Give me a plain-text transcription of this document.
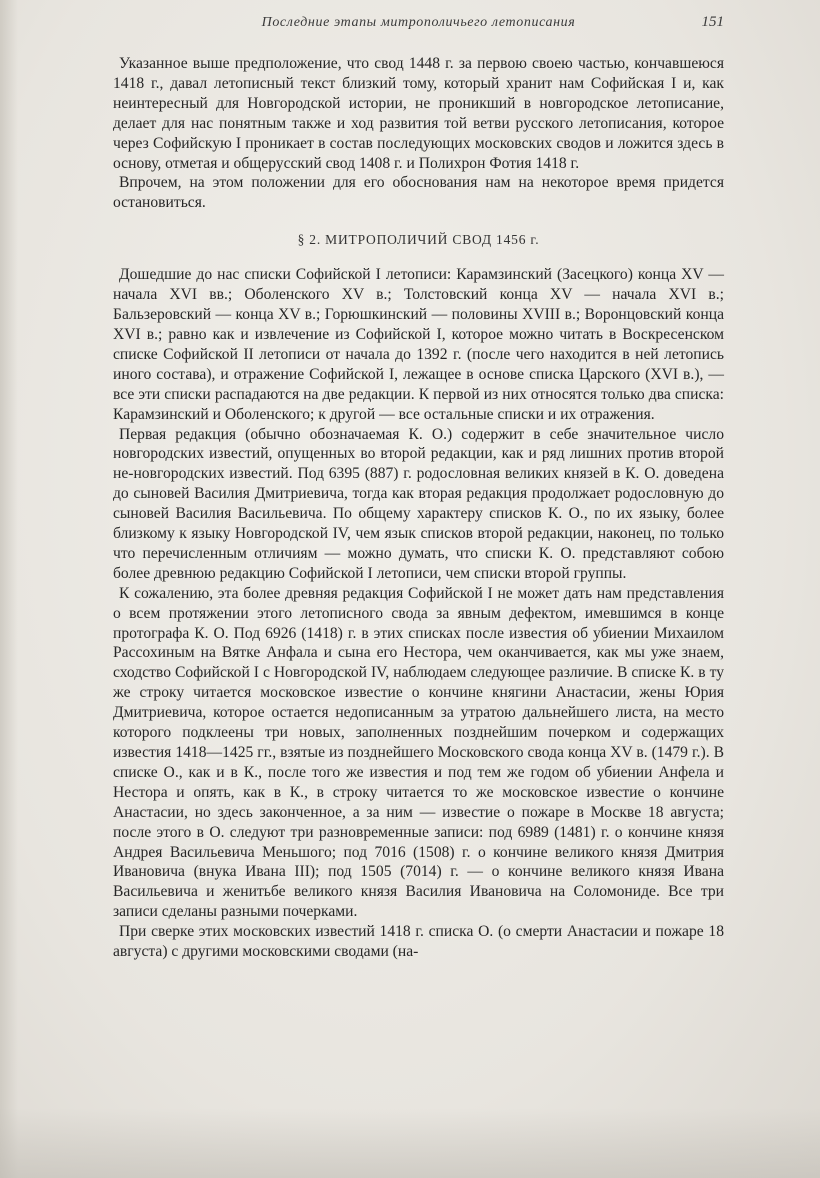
Последние этапы митрополичьего летописания	151

Указанное выше предположение, что свод 1448 г. за первою своею частью, кончавшеюся 1418 г., давал летописный текст близкий тому, который хранит нам Софийская I и, как неинтересный для Новгородской истории, не проникший в новгородское летописание, делает для нас понятным также и ход развития той ветви русского летописания, которое через Софийскую I проникает в состав последующих московских сводов и ложится здесь в основу, отметая и общерусский свод 1408 г. и Полихрон Фотия 1418 г.

Впрочем, на этом положении для его обоснования нам на некоторое время придется остановиться.

§ 2. МИТРОПОЛИЧИЙ СВОД 1456 г.

Дошедшие до нас списки Софийской I летописи: Карамзинский (Засецкого) конца XV — начала XVI вв.; Оболенского XV в.; Толстовский конца XV — начала XVI в.; Бальзеровский — конца XV в.; Горюшкинский — половины XVIII в.; Воронцовский конца XVI в.; равно как и извлечение из Софийской I, которое можно читать в Воскресенском списке Софийской II летописи от начала до 1392 г. (после чего находится в ней летопись иного состава), и отражение Софийской I, лежащее в основе списка Царского (XVI в.), — все эти списки распадаются на две редакции. К первой из них относятся только два списка: Карамзинский и Оболенского; к другой — все остальные списки и их отражения.

Первая редакция (обычно обозначаемая К. О.) содержит в себе значительное число новгородских известий, опущенных во второй редакции, как и ряд лишних против второй не-новгородских известий. Под 6395 (887) г. родословная великих князей в К. О. доведена до сыновей Василия Дмитриевича, тогда как вторая редакция продолжает родословную до сыновей Василия Васильевича. По общему характеру списков К. О., по их языку, более близкому к языку Новгородской IV, чем язык списков второй редакции, наконец, по только что перечисленным отличиям — можно думать, что списки К. О. представляют собою более древнюю редакцию Софийской I летописи, чем списки второй группы.

К сожалению, эта более древняя редакция Софийской I не может дать нам представления о всем протяжении этого летописного свода за явным дефектом, имевшимся в конце протографа К. О. Под 6926 (1418) г. в этих списках после известия об убиении Михаилом Рассохиным на Вятке Анфала и сына его Нестора, чем оканчивается, как мы уже знаем, сходство Софийской I с Новгородской IV, наблюдаем следующее различие. В списке К. в ту же строку читается московское известие о кончине княгини Анастасии, жены Юрия Дмитриевича, которое остается недописанным за утратою дальнейшего листа, на место которого подклеены три новых, заполненных позднейшим почерком и содержащих известия 1418—1425 гг., взятые из позднейшего Московского свода конца XV в. (1479 г.). В списке О., как и в К., после того же известия и под тем же годом об убиении Анфела и Нестора и опять, как в К., в строку читается то же московское известие о кончине Анастасии, но здесь законченное, а за ним — известие о пожаре в Москве 18 августа; после этого в О. следуют три разновременные записи: под 6989 (1481) г. о кончине князя Андрея Васильевича Меньшого; под 7016 (1508) г. о кончине великого князя Дмитрия Ивановича (внука Ивана III); под 1505 (7014) г. — о кончине великого князя Ивана Васильевича и женитьбе великого князя Василия Ивановича на Соломониде. Все три записи сделаны разными почерками.

При сверке этих московских известий 1418 г. списка О. (о смерти Анастасии и пожаре 18 августа) с другими московскими сводами (на-
